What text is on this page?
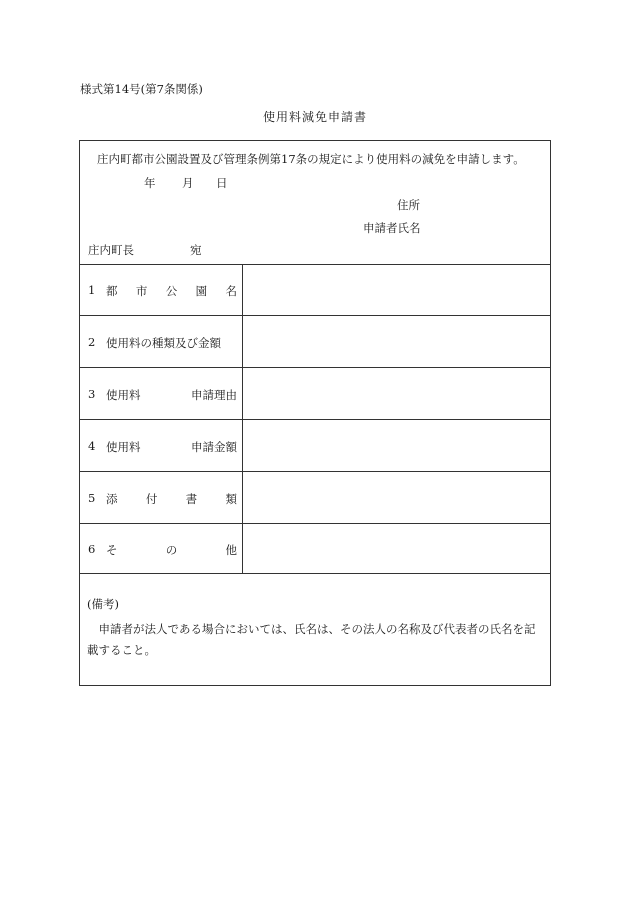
様式第14号(第7条関係)
使用料減免申請書
庄内町都市公園設置及び管理条例第17条の規定により使用料の減免を申請します。
年 月 日
住所
申請者氏名
庄内町長	宛
1 都 市 公 園 名
2 使用料の種類及び金額
3 使用料	申請理由
4 使用料	申請金額
5 添 付 書 類
6 そ	の	他
(備考)
申請者が法人である場合においては、氏名は、その法人の名称及び代表者の氏名を記載すること。
